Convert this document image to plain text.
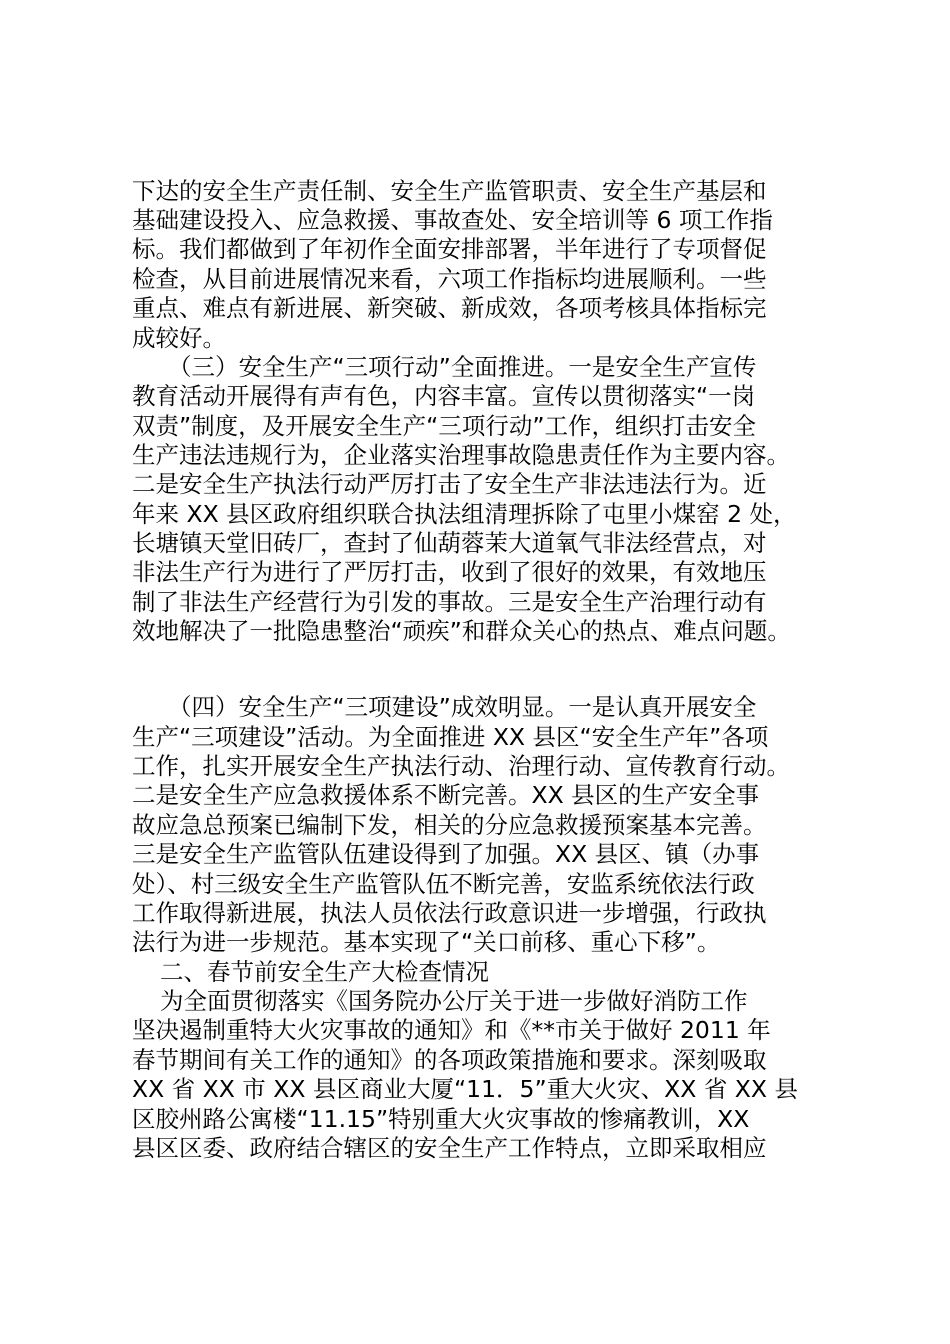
下达的安全生产责任制、安全生产监管职责、安全生产基层和
基础建设投入、应急救援、事故查处、安全培训等 6 项工作指
标。我们都做到了年初作全面安排部署，半年进行了专项督促
检查，从目前进展情况来看，六项工作指标均进展顺利。一些
重点、难点有新进展、新突破、新成效，各项考核具体指标完
成较好。
（三）安全生产“三项行动”全面推进。一是安全生产宣传
教育活动开展得有声有色，内容丰富。宣传以贯彻落实“一岗
双责”制度，及开展安全生产“三项行动”工作，组织打击安全
生产违法违规行为，企业落实治理事故隐患责任作为主要内容。
二是安全生产执法行动严厉打击了安全生产非法违法行为。近
年来 XX 县区政府组织联合执法组清理拆除了屯里小煤窑 2 处，
长塘镇天堂旧砖厂，查封了仙葫蓉茉大道氧气非法经营点，对
非法生产行为进行了严厉打击，收到了很好的效果，有效地压
制了非法生产经营行为引发的事故。三是安全生产治理行动有
效地解决了一批隐患整治“顽疾”和群众关心的热点、难点问题。
（四）安全生产“三项建设”成效明显。一是认真开展安全
生产“三项建设”活动。为全面推进 XX 县区“安全生产年”各项
工作，扎实开展安全生产执法行动、治理行动、宣传教育行动。
二是安全生产应急救援体系不断完善。XX 县区的生产安全事
故应急总预案已编制下发，相关的分应急救援预案基本完善。
三是安全生产监管队伍建设得到了加强。XX 县区、镇（办事
处）、村三级安全生产监管队伍不断完善，安监系统依法行政
工作取得新进展，执法人员依法行政意识进一步增强，行政执
法行为进一步规范。基本实现了“关口前移、重心下移”。
二、春节前安全生产大检查情况
为全面贯彻落实《国务院办公厅关于进一步做好消防工作
坚决遏制重特大火灾事故的通知》和《**市关于做好 2011 年
春节期间有关工作的通知》的各项政策措施和要求。深刻吸取
XX 省 XX 市 XX 县区商业大厦“11．5”重大火灾、XX 省 XX 县
区胶州路公寓楼“11.15”特别重大火灾事故的惨痛教训，XX
县区区委、政府结合辖区的安全生产工作特点，立即采取相应
